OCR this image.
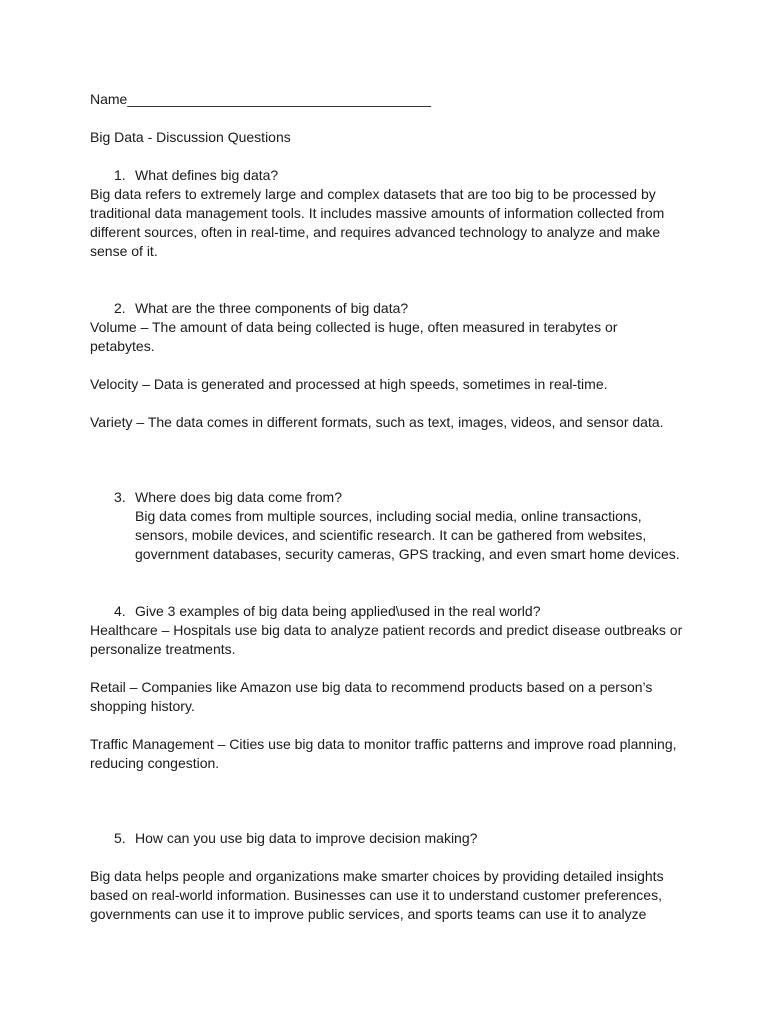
Name_______________________________________
Big Data - Discussion Questions
1. What defines big data?
Big data refers to extremely large and complex datasets that are too big to be processed by
traditional data management tools. It includes massive amounts of information collected from
different sources, often in real-time, and requires advanced technology to analyze and make
sense of it.
2. What are the three components of big data?
Volume – The amount of data being collected is huge, often measured in terabytes or
petabytes.
Velocity – Data is generated and processed at high speeds, sometimes in real-time.
Variety – The data comes in different formats, such as text, images, videos, and sensor data.
3. Where does big data come from?
Big data comes from multiple sources, including social media, online transactions,
sensors, mobile devices, and scientific research. It can be gathered from websites,
government databases, security cameras, GPS tracking, and even smart home devices.
4. Give 3 examples of big data being applied\used in the real world?
Healthcare – Hospitals use big data to analyze patient records and predict disease outbreaks or
personalize treatments.
Retail – Companies like Amazon use big data to recommend products based on a person’s
shopping history.
Traffic Management – Cities use big data to monitor traffic patterns and improve road planning,
reducing congestion.
5. How can you use big data to improve decision making?
Big data helps people and organizations make smarter choices by providing detailed insights
based on real-world information. Businesses can use it to understand customer preferences,
governments can use it to improve public services, and sports teams can use it to analyze
